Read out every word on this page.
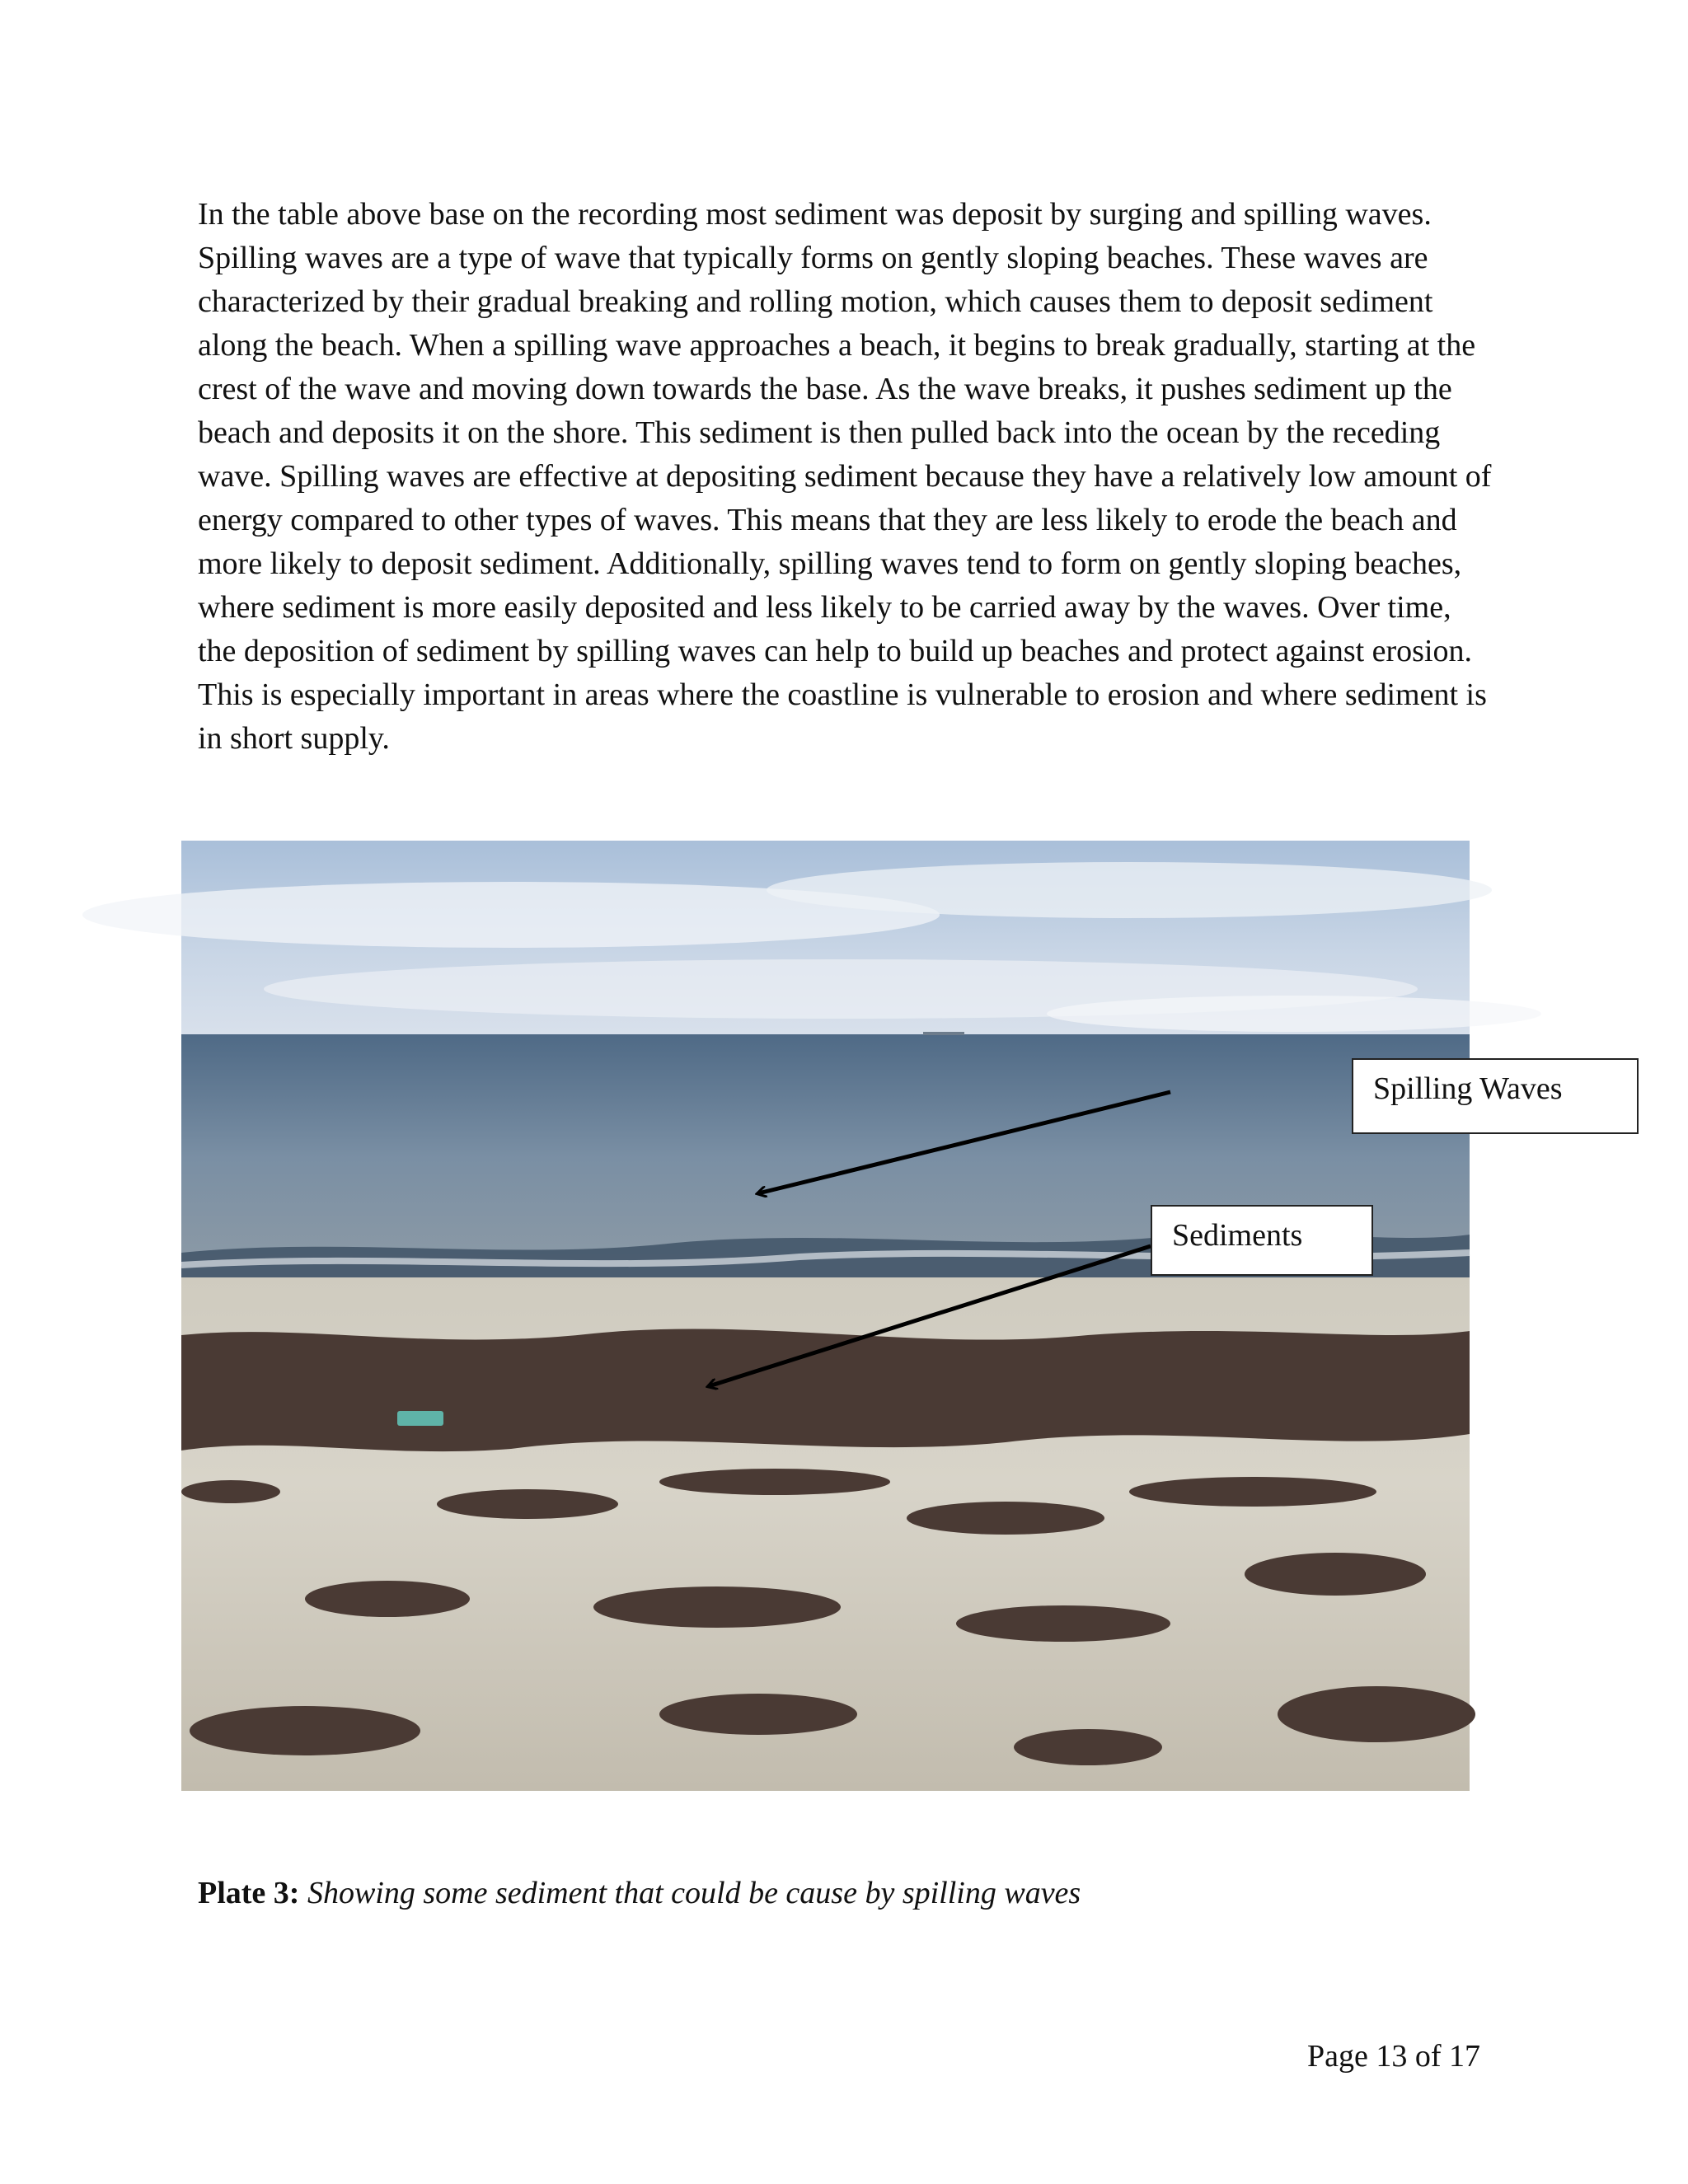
In the table above base on the recording most sediment was deposit by surging and spilling waves. Spilling waves are a type of wave that typically forms on gently sloping beaches. These waves are characterized by their gradual breaking and rolling motion, which causes them to deposit sediment along the beach. When a spilling wave approaches a beach, it begins to break gradually, starting at the crest of the wave and moving down towards the base. As the wave breaks, it pushes sediment up the beach and deposits it on the shore. This sediment is then pulled back into the ocean by the receding wave. Spilling waves are effective at depositing sediment because they have a relatively low amount of energy compared to other types of waves. This means that they are less likely to erode the beach and more likely to deposit sediment. Additionally, spilling waves tend to form on gently sloping beaches, where sediment is more easily deposited and less likely to be carried away by the waves. Over time, the deposition of sediment by spilling waves can help to build up beaches and protect against erosion. This is especially important in areas where the coastline is vulnerable to erosion and where sediment is in short supply.

Spilling Waves
Sediments

Plate 3: Showing some sediment that could be cause by spilling waves

Page 13 of 17
